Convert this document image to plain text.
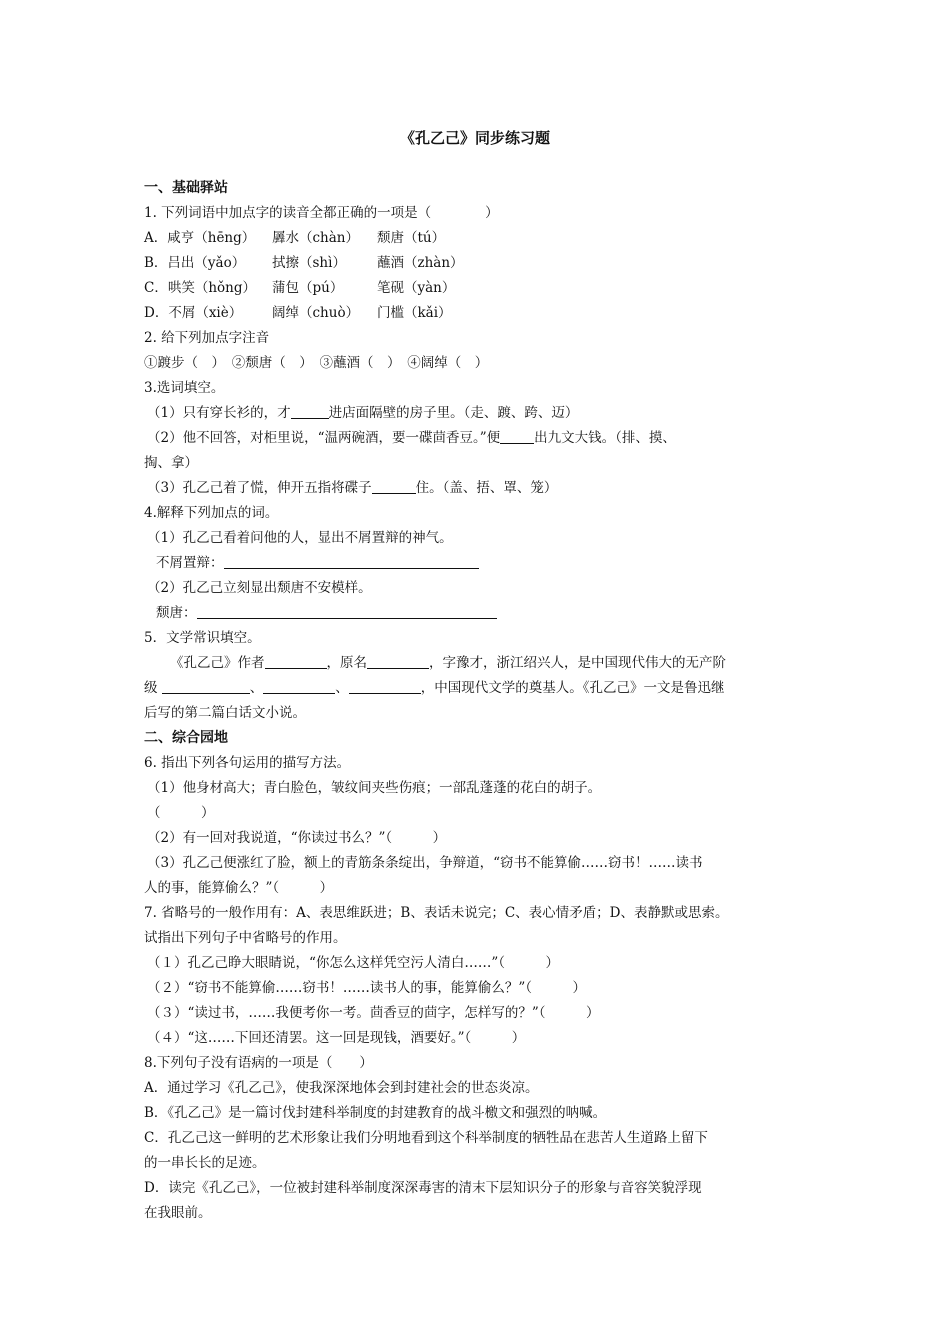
《孔乙己》同步练习题

一、基础驿站

1. 下列词语中加点字的读音全都正确的一项是（　　　　）

A．咸亨（hēng） 羼水（chàn） 颓唐（tú）

B．吕出（yǎo） 拭擦（shì） 蘸酒（zhàn）

C．哄笑（hǒng） 蒲包（pú） 笔砚（yàn）

D．不屑（xiè） 阔绰（chuò） 门槛（kǎi）

2. 给下列加点字注音

①踱步（　）　②颓唐（　）　③蘸酒（　）　④阔绰（　）

3.选词填空。

（1）只有穿长衫的，才	进店面隔壁的房子里。（走、踱、跨、迈）

（2）他不回答，对柜里说，“温两碗酒，要一碟茴香豆。”便	出九文大钱。（排、摸、

掏、拿）

（3）孔乙己着了慌，伸开五指将碟子	住。（盖、捂、罩、笼）

4.解释下列加点的词。

（1）孔乙己看着问他的人，显出不屑置辩的神气。

不屑置辩：

（2）孔乙己立刻显出颓唐不安模样。

颓唐：

5．文学常识填空。

《孔乙己》作者	，原名	，字豫才，浙江绍兴人，是中国现代伟大的无产阶

级	、	、	，中国现代文学的奠基人。《孔乙己》一文是鲁迅继

后写的第二篇白话文小说。

二、综合园地

6. 指出下列各句运用的描写方法。

（1）他身材高大；青白脸色，皱纹间夹些伤痕；一部乱蓬蓬的花白的胡子。

（　　　）

（2）有一回对我说道，“你读过书么？”（　　　）

（3）孔乙己便涨红了脸，额上的青筋条条绽出，争辩道，“窃书不能算偷……窃书！……读书

人的事，能算偷么？”（　　　）

7. 省略号的一般作用有：A、表思维跃进；B、表话未说完；C、表心情矛盾；D、表静默或思索。

试指出下列句子中省略号的作用。

（１）孔乙己睁大眼睛说，“你怎么这样凭空污人清白……”（　　　）

（２）“窃书不能算偷……窃书！……读书人的事，能算偷么？”（　　　）

（３）“读过书，……我便考你一考。茴香豆的茴字，怎样写的？”（　　　）

（４）“这……下回还清罢。这一回是现钱，酒要好。”（　　　）

8.下列句子没有语病的一项是（　　）

A．通过学习《孔乙己》，使我深深地体会到封建社会的世态炎凉。

B．《孔乙己》是一篇讨伐封建科举制度的封建教育的战斗檄文和强烈的呐喊。

C．孔乙己这一鲜明的艺术形象让我们分明地看到这个科举制度的牺牲品在悲苦人生道路上留下

的一串长长的足迹。

D．读完《孔乙己》，一位被封建科举制度深深毒害的清末下层知识分子的形象与音容笑貌浮现

在我眼前。
